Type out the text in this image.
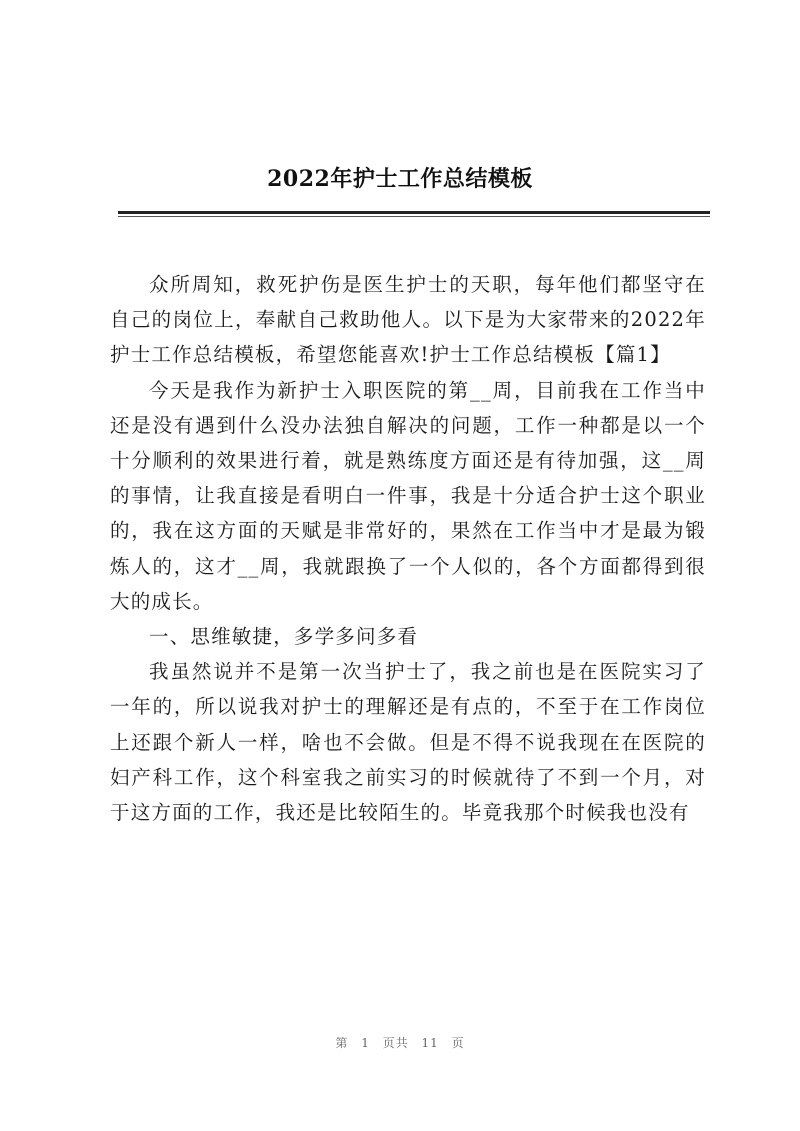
2022年护士工作总结模板

众所周知，救死护伤是医生护士的天职，每年他们都坚守在自己的岗位上，奉献自己救助他人。以下是为大家带来的2022年护士工作总结模板，希望您能喜欢!护士工作总结模板【篇1】

今天是我作为新护士入职医院的第__周，目前我在工作当中还是没有遇到什么没办法独自解决的问题，工作一种都是以一个十分顺利的效果进行着，就是熟练度方面还是有待加强，这__周的事情，让我直接是看明白一件事，我是十分适合护士这个职业的，我在这方面的天赋是非常好的，果然在工作当中才是最为锻炼人的，这才__周，我就跟换了一个人似的，各个方面都得到很大的成长。

一、思维敏捷，多学多问多看

我虽然说并不是第一次当护士了，我之前也是在医院实习了一年的，所以说我对护士的理解还是有点的，不至于在工作岗位上还跟个新人一样，啥也不会做。但是不得不说我现在在医院的妇产科工作，这个科室我之前实习的时候就待了不到一个月，对于这方面的工作，我还是比较陌生的。毕竟我那个时候我也没有

第 1 页共 11 页
